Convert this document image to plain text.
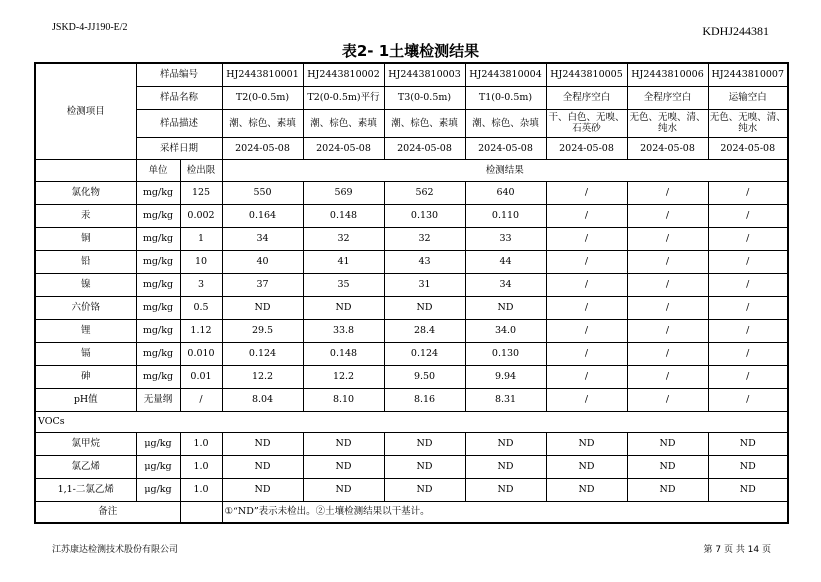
JSKD-4-JJ190-E/2	KDHJ244381
表2- 1土壤检测结果
检测项目	样品编号		HJ2443810001	HJ2443810002	HJ2443810003	HJ2443810004	HJ2443810005	HJ2443810006	HJ2443810007
	样品名称		T2(0-0.5m)	T2(0-0.5m)平行	T3(0-0.5m)	T1(0-0.5m)	全程序空白	全程序空白	运输空白
	样品描述		潮、棕色、素填	潮、棕色、素填	潮、棕色、素填	潮、棕色、杂填	干、白色、无嗅、石英砂	无色、无嗅、清、纯水	无色、无嗅、清、纯水
	采样日期		2024-05-08	2024-05-08	2024-05-08	2024-05-08	2024-05-08	2024-05-08	2024-05-08
	单位	检出限	检测结果						
氯化物	mg/kg	125	550	569	562	640	/	/	/
汞	mg/kg	0.002	0.164	0.148	0.130	0.110	/	/	/
铜	mg/kg	1	34	32	32	33	/	/	/
铅	mg/kg	10	40	41	43	44	/	/	/
镍	mg/kg	3	37	35	31	34	/	/	/
六价铬	mg/kg	0.5	ND	ND	ND	ND	/	/	/
锂	mg/kg	1.12	29.5	33.8	28.4	34.0	/	/	/
镉	mg/kg	0.010	0.124	0.148	0.124	0.130	/	/	/
砷	mg/kg	0.01	12.2	12.2	9.50	9.94	/	/	/
pH值	无量纲	/	8.04	8.10	8.16	8.31	/	/	/
VOCs									
氯甲烷	μg/kg	1.0	ND	ND	ND	ND	ND	ND	ND
氯乙烯	μg/kg	1.0	ND	ND	ND	ND	ND	ND	ND
1,1-二氯乙烯	μg/kg	1.0	ND	ND	ND	ND	ND	ND	ND
备注			①“ND”表示未检出。②土壤检测结果以干基计。						
江苏康达检测技术股份有限公司	第 7 页 共 14 页
